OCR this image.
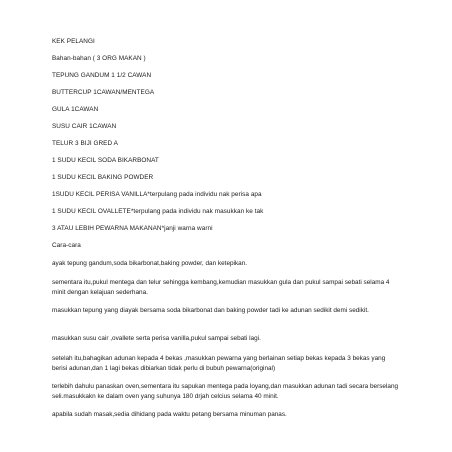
KEK PELANGI
Bahan-bahan ( 3 ORG MAKAN )
TEPUNG GANDUM 1 1/2 CAWAN
BUTTERCUP 1CAWAN/MENTEGA
GULA 1CAWAN
SUSU CAIR 1CAWAN
TELUR 3 BIJI GRED A
1 SUDU KECIL SODA BIKARBONAT
1 SUDU KECIL BAKING POWDER
1SUDU KECIL PERISA VANILLA*terpulang pada individu nak perisa apa
1 SUDU KECIL OVALLETE*terpulang pada individu nak masukkan ke tak
3 ATAU LEBIH PEWARNA MAKANAN*janji warna warni
Cara-cara
ayak tepung gandum,soda bikarbonat,baking powder, dan ketepikan.
sementara itu,pukul mentega dan telur sehingga kembang,kemudian masukkan gula dan pukul sampai sebati selama 4 minit dengan kelajuan sederhana.
masukkan tepung yang diayak bersama soda bikarbonat dan baking powder tadi ke adunan sedikit demi sedikit.
masukkan susu cair ,ovallete serta perisa vanilla,pukul sampai sebati lagi.
setelah itu,bahagikan adunan kepada 4 bekas ,masukkan pewarna yang berlainan setiap bekas kepada 3 bekas yang berisi adunan,dan 1 lagi bekas dibiarkan tidak perlu di bubuh pewarna(original)
terlebih dahulu panaskan oven,sementara itu sapukan mentega pada loyang,dan masukkan adunan tadi secara berselang seli.masukkakn ke dalam oven yang suhunya 180 drjah celcius selama 40 minit.
apabila sudah masak,sedia dihidang pada waktu petang bersama minuman panas.
